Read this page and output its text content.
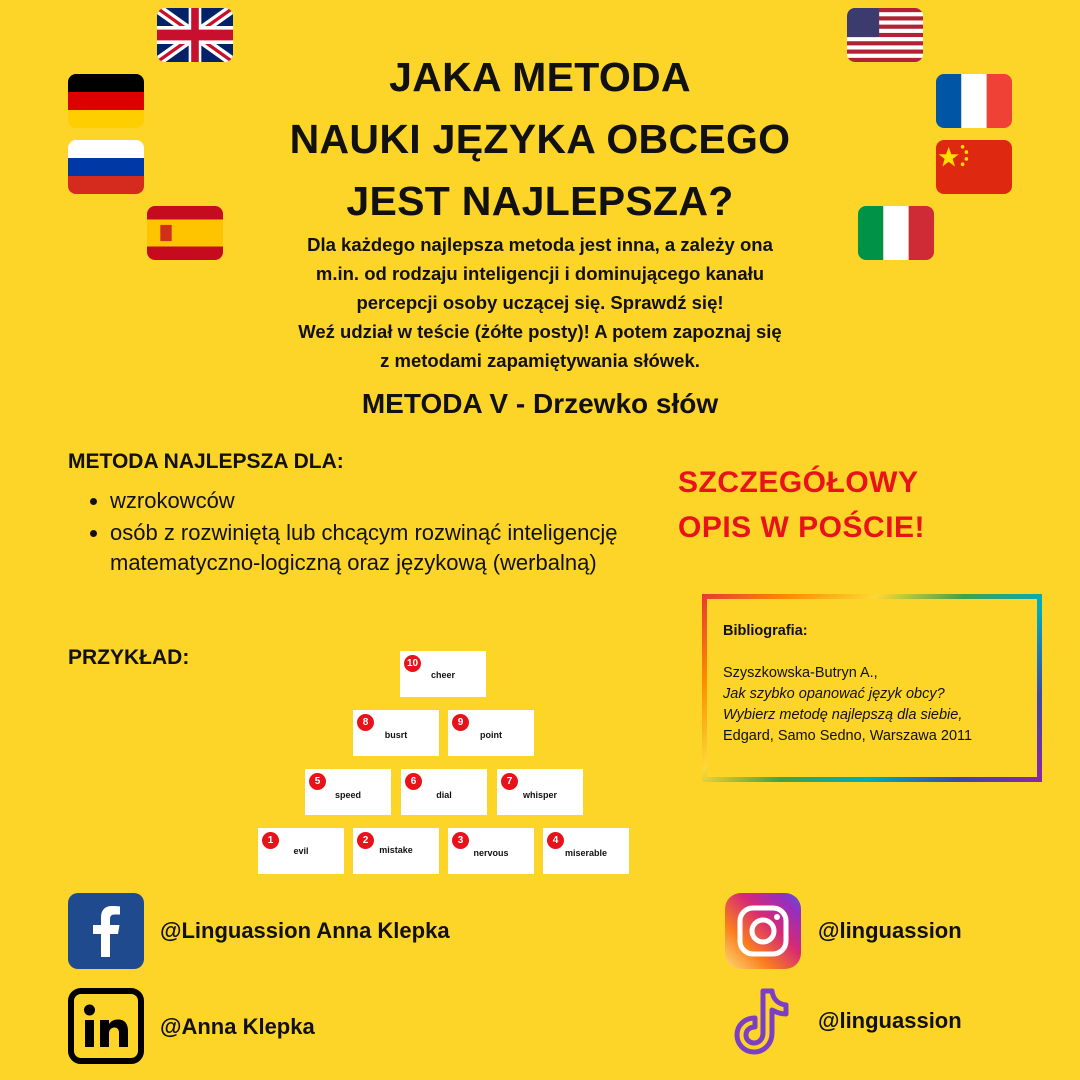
JAKA METODA
NAUKI JĘZYKA OBCEGO
JEST NAJLEPSZA?
Dla każdego najlepsza metoda jest inna, a zależy ona
m.in. od rodzaju inteligencji i dominującego kanału
percepcji osoby uczącej się. Sprawdź się!
Weź udział w teście (żółte posty)! A potem zapoznaj się
z metodami zapamiętywania słówek.
METODA V - Drzewko słów
METODA NAJLEPSZA DLA:
• wzrokowców
• osób z rozwiniętą lub chcącym rozwinąć inteligencję matematyczno-logiczną oraz językową (werbalną)
PRZYKŁAD:
SZCZEGÓŁOWY
OPIS W POŚCIE!
Bibliografia:
Szyszkowska-Butryn A.,
Jak szybko opanować język obcy?
Wybierz metodę najlepszą dla siebie,
Edgard, Samo Sedno, Warszawa 2011
10
cheer
8
busrt
9
point
5
speed
6
dial
7
whisper
1
evil
2
mistake
3
nervous
4
miserable
@Linguassion Anna Klepka
@Anna Klepka
@linguassion
@linguassion
